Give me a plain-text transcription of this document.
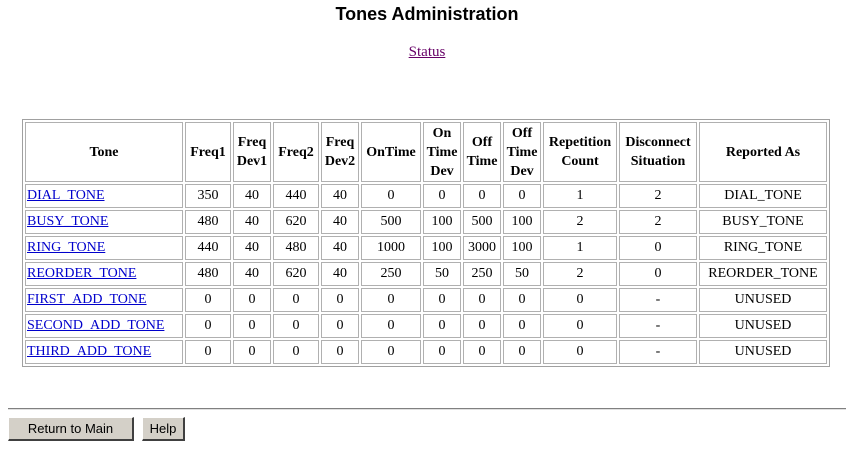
Tones Administration
Status
Tone	Freq1	Freq Dev1	Freq2	Freq Dev2	OnTime	On Time Dev	Off Time	Off Time Dev	Repetition Count	Disconnect Situation	Reported As
DIAL_TONE	350	40	440	40	0	0	0	0	1	2	DIAL_TONE
BUSY_TONE	480	40	620	40	500	100	500	100	2	2	BUSY_TONE
RING_TONE	440	40	480	40	1000	100	3000	100	1	0	RING_TONE
REORDER_TONE	480	40	620	40	250	50	250	50	2	0	REORDER_TONE
FIRST_ADD_TONE	0	0	0	0	0	0	0	0	0	-	UNUSED
SECOND_ADD_TONE	0	0	0	0	0	0	0	0	0	-	UNUSED
THIRD_ADD_TONE	0	0	0	0	0	0	0	0	0	-	UNUSED
Return to Main	Help
